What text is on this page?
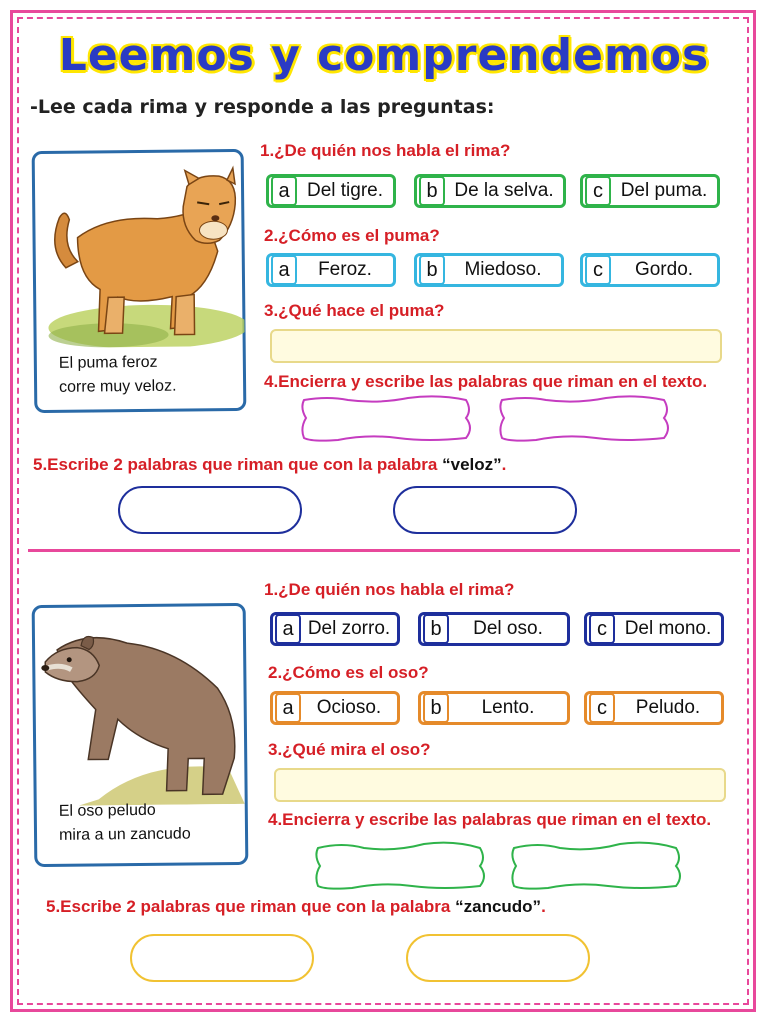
Leemos y comprendemos
-Lee cada rima y responde a las preguntas:
El puma feroz
corre muy veloz.
1.¿De quién nos habla el rima?
a Del tigre.	b De la selva.	c Del puma.
2.¿Cómo es el puma?
a	Feroz.	b	Miedoso.	c	Gordo.
3.¿Qué hace el puma?
4.Encierra y escribe las palabras que riman en el texto.
5.Escribe 2 palabras que riman que con la palabra “veloz”.
El oso peludo
mira a un zancudo
1.¿De quién nos habla el rima?
a Del zorro.	b	Del oso.	c Del mono.
2.¿Cómo es el oso?
a	Ocioso.	b	Lento.	c	Peludo.
3.¿Qué mira el oso?
4.Encierra y escribe las palabras que riman en el texto.
5.Escribe 2 palabras que riman que con la palabra “zancudo”.
